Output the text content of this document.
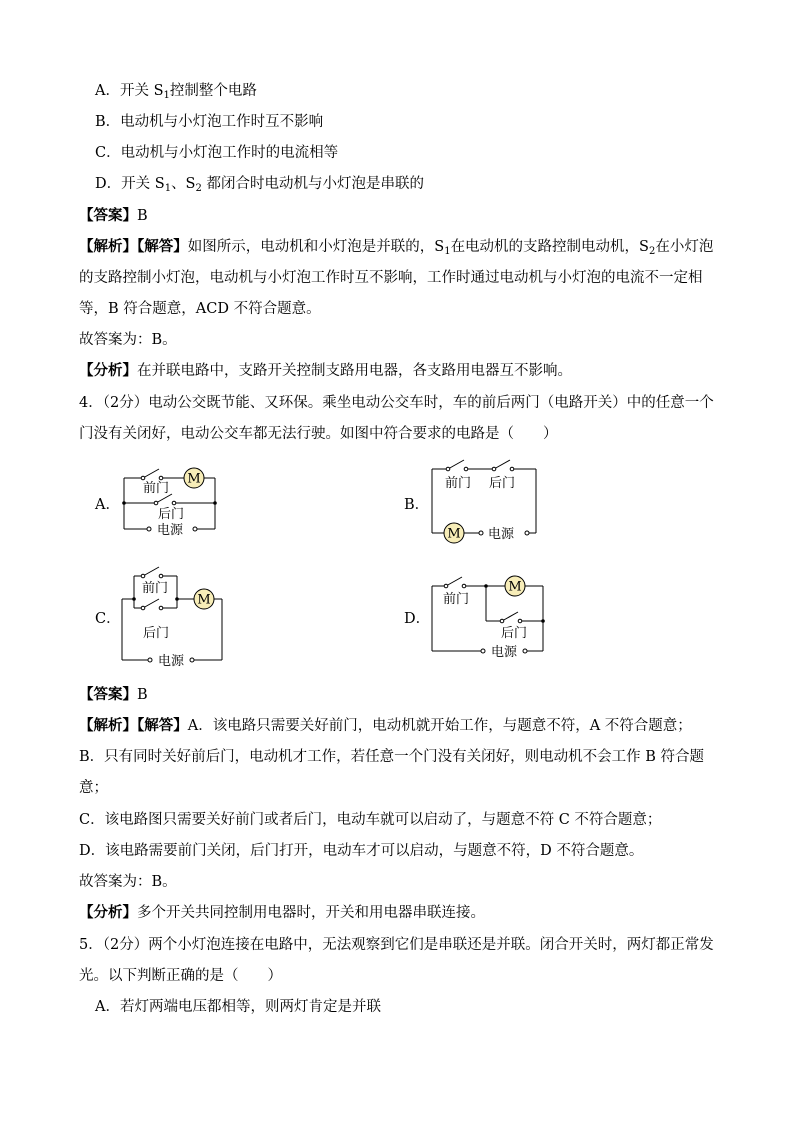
A．开关 $S_1$控制整个电路
B．电动机与小灯泡工作时互不影响
C．电动机与小灯泡工作时的电流相等
D．开关 $S_1$、$S_2$ 都闭合时电动机与小灯泡是串联的
【答案】B
【解析】【解答】如图所示，电动机和小灯泡是并联的，$S_1$在电动机的支路控制电动机，$S_2$在小灯泡
的支路控制小灯泡，电动机与小灯泡工作时互不影响，工作时通过电动机与小灯泡的电流不一定相
等，B 符合题意，ACD 不符合题意。
故答案为：B。
【分析】在并联电路中，支路开关控制支路用电器，各支路用电器互不影响。
4．（2分）电动公交既节能、又环保。乘坐电动公交车时，车的前后两门（电路开关）中的任意一个
门没有关闭好，电动公交车都无法行驶。如图中符合要求的电路是（　　）
A．
M
前门
后门
电源
B．
M
前门 后门
电源
C．
M
前门
后门
电源
D．
M
前门
后门
电源
【答案】B
【解析】【解答】A．该电路只需要关好前门，电动机就开始工作，与题意不符，A 不符合题意；
B．只有同时关好前后门，电动机才工作，若任意一个门没有关闭好，则电动机不会工作 B 符合题
意；
C．该电路图只需要关好前门或者后门，电动车就可以启动了，与题意不符 C 不符合题意；
D．该电路需要前门关闭，后门打开，电动车才可以启动，与题意不符，D 不符合题意。
故答案为：B。
【分析】多个开关共同控制用电器时，开关和用电器串联连接。
5．（2分）两个小灯泡连接在电路中，无法观察到它们是串联还是并联。闭合开关时，两灯都正常发
光。以下判断正确的是（　　）
A．若灯两端电压都相等，则两灯肯定是并联
